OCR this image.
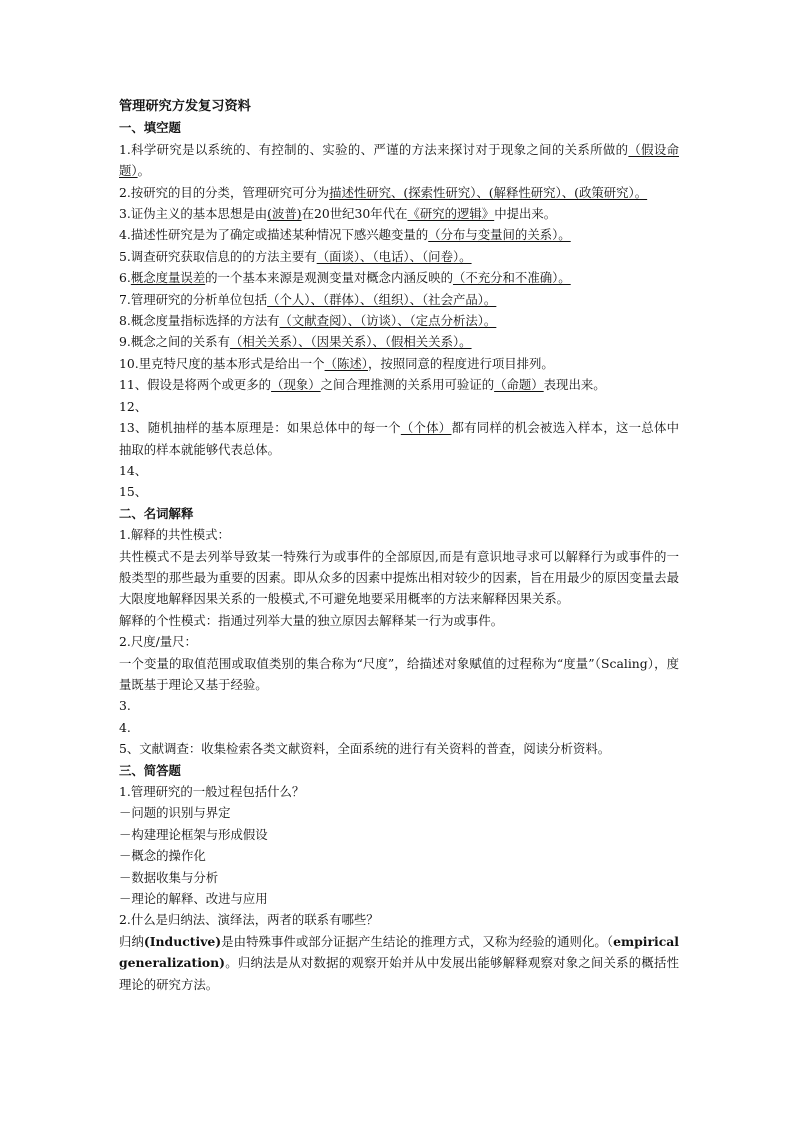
管理研究方发复习资料
一、填空题

1.科学研究是以系统的、有控制的、实验的、严谨的方法来探讨对于现象之间的关系所做的（假设命题）。

2.按研究的目的分类，管理研究可分为描述性研究、(探索性研究）、(解释性研究）、(政策研究）。

3.证伪主义的基本思想是由(波普)在20世纪30年代在《研究的逻辑》中提出来。

4.描述性研究是为了确定或描述某种情况下感兴趣变量的（分布与变量间的关系）。

5.调查研究获取信息的的方法主要有（面谈）、（电话）、（问卷）。

6.概念度量误差的一个基本来源是观测变量对概念内涵反映的（不充分和不准确）。

7.管理研究的分析单位包括（个人）、（群体）、（组织）、（社会产品）。

8.概念度量指标选择的方法有（文献查阅）、（访谈）、（定点分析法）。

9.概念之间的关系有（相关关系）、（因果关系）、（假相关关系）。

10.里克特尺度的基本形式是给出一个（陈述），按照同意的程度进行项目排列。

11、假设是将两个或更多的（现象）之间合理推测的关系用可验证的（命题）表现出来。

12、

13、随机抽样的基本原理是：如果总体中的每一个（个体）都有同样的机会被选入样本，这一总体中抽取的样本就能够代表总体。

14、

15、

二、名词解释

1.解释的共性模式：

共性模式不是去列举导致某一特殊行为或事件的全部原因,而是有意识地寻求可以解释行为或事件的一般类型的那些最为重要的因素。即从众多的因素中提炼出相对较少的因素，旨在用最少的原因变量去最大限度地解释因果关系的一般模式,不可避免地要采用概率的方法来解释因果关系。

解释的个性模式：指通过列举大量的独立原因去解释某一行为或事件。

2.尺度/量尺：

一个变量的取值范围或取值类别的集合称为“尺度”，给描述对象赋值的过程称为“度量”（Scaling），度量既基于理论又基于经验。

3.

4.

5、文献调查：收集检索各类文献资料，全面系统的进行有关资料的普查，阅读分析资料。

三、简答题

1.管理研究的一般过程包括什么？

－问题的识别与界定

－构建理论框架与形成假设

－概念的操作化

－数据收集与分析

－理论的解释、改进与应用

2.什么是归纳法、演绎法，两者的联系有哪些？

归纳(Inductive)是由特殊事件或部分证据产生结论的推理方式，又称为经验的通则化。（empirical generalization)。归纳法是从对数据的观察开始并从中发展出能够解释观察对象之间关系的概括性理论的研究方法。
